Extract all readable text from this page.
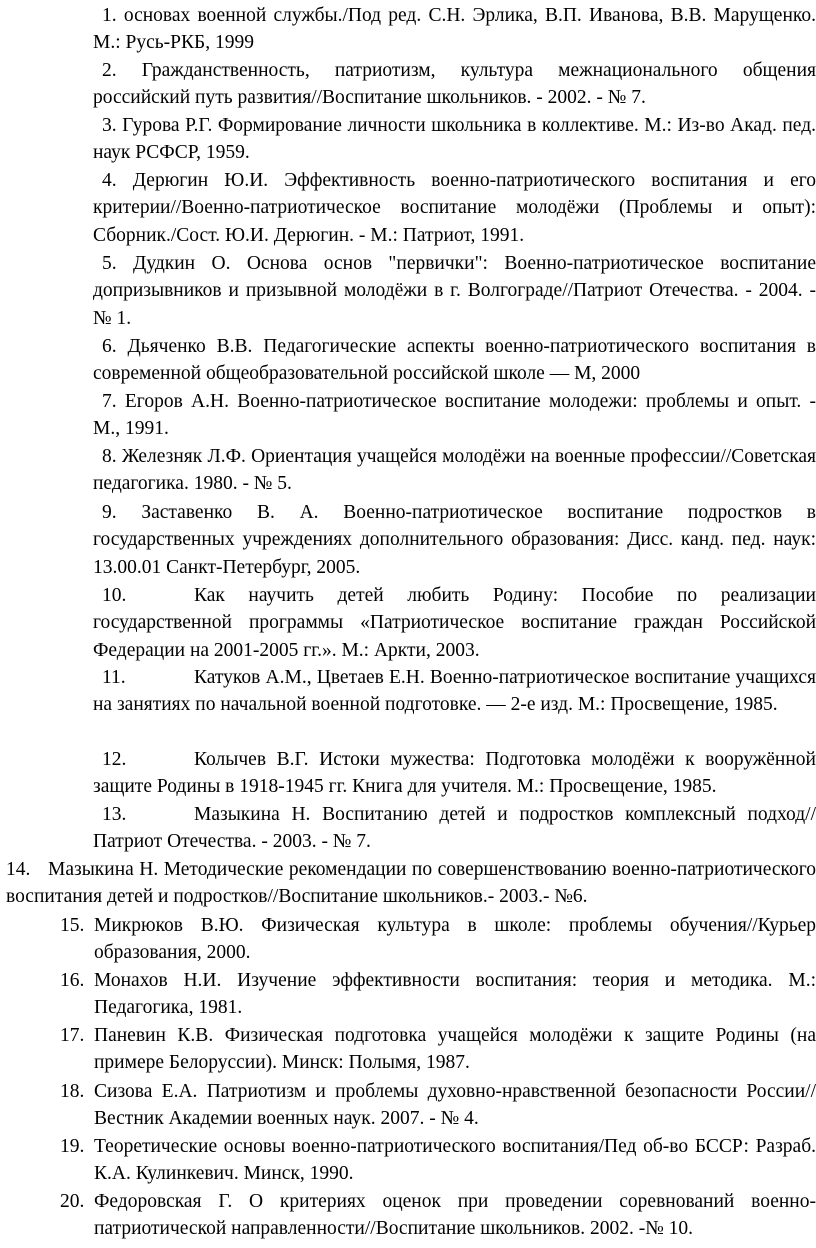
1. основах военной службы./Под ред. С.Н. Эрлика, В.П. Иванова, В.В. Марущенко. М.: Русь-РКБ, 1999

2. Гражданственность, патриотизм, культура межнационального общения российский путь развития//Воспитание школьников. - 2002. - № 7.

3. Гурова Р.Г. Формирование личности школьника в коллективе. М.: Из-во Акад. пед. наук РСФСР, 1959.

4. Дерюгин Ю.И. Эффективность военно-патриотического воспитания и его критерии//Военно-патриотическое воспитание молодёжи (Проблемы и опыт): Сборник./Сост. Ю.И. Дерюгин. - М.: Патриот, 1991.

5. Дудкин О. Основа основ "первички": Военно-патриотическое воспитание допризывников и призывной молодёжи в г. Волгограде//Патриот Отечества. - 2004. - № 1.

6. Дьяченко В.В. Педагогические аспекты военно-патриотического воспитания в современной общеобразовательной российской школе — М, 2000

7. Егоров А.Н. Военно-патриотическое воспитание молодежи: проблемы и опыт. - М., 1991.

8. Железняк Л.Ф. Ориентация учащейся молодёжи на военные профессии//Советская педагогика. 1980. - № 5.

9. Заставенко В. А. Военно-патриотическое воспитание подростков в государственных учреждениях дополнительного образования: Дисс. канд. пед. наук: 13.00.01 Санкт-Петербург, 2005.

10.	Как научить детей любить Родину: Пособие по реализации государственной программы «Патриотическое воспитание граждан Российской Федерации на 2001-2005 гг.». М.: Аркти, 2003.

11.	Катуков А.М., Цветаев Е.Н. Военно-патриотическое воспитание учащихся на занятиях по начальной военной подготовке. — 2-е изд. М.: Просвещение, 1985.

12.	Колычев В.Г. Истоки мужества: Подготовка молодёжи к вооружённой защите Родины в 1918-1945 гг. Книга для учителя. М.: Просвещение, 1985.

13.	Мазыкина Н. Воспитанию детей и подростков комплексный подход//Патриот Отечества. - 2003. - № 7.

14. Мазыкина Н. Методические рекомендации по совершенствованию военно-патриотического воспитания детей и подростков//Воспитание школьников.- 2003.- №6.

15. Микрюков В.Ю. Физическая культура в школе: проблемы обучения//Курьер образования, 2000.

16. Монахов Н.И. Изучение эффективности воспитания: теория и методика. М.: Педагогика, 1981.

17. Паневин К.В. Физическая подготовка учащейся молодёжи к защите Родины (на примере Белоруссии). Минск: Полымя, 1987.

18. Сизова Е.А. Патриотизм и проблемы духовно-нравственной безопасности России//Вестник Академии военных наук. 2007. - № 4.

19. Теоретические основы военно-патриотического воспитания/Пед об-во БССР: Разраб. К.А. Кулинкевич. Минск, 1990.

20. Федоровская Г. О критериях оценок при проведении соревнований военно-патриотической направленности//Воспитание школьников. 2002. -№ 10.
